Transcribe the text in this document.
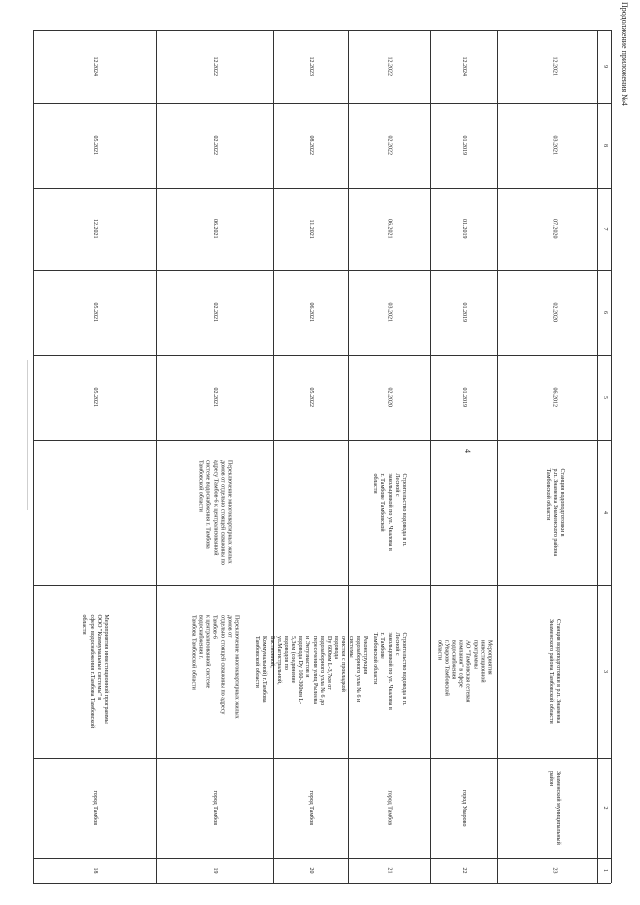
Продолжение приложения №4
4
9
8
7
6
5
4
3
2
1
12.2024
05.2021
12.2021
05.2021
05.2021
Мероприятия инвестиционной программы
ООО "Коммунальные системы" в
сфере водоснабжения г.Тамбова Тамбовской
области
город Тамбов
18
12.2022
02.2022
06.2021
02.2021
02.2021
Переключение многоквартирных жилых
домов от отдельно стоящей скважины по
адресу Тамбов-6 к централизованной
системе водоснабжения г. Тамбова
Тамбовской области
Переключение многоквартирных жилых домов от
отдельно стоящей скважины по адресу Тамбов-6
к централизованной системе водоснабжения г.
Тамбова Тамбовской области
город Тамбов
19
12.2023
08.2022
11.2021
06.2021
05.2022
Реконструкция водозаборного узла № 6 и системы
очистки с прокладкой водовода
Dy 600мм L-3,7км от водозаборного узла № 6 до
пересечения улиц Рылеева и Энтузиастов и
водовода Dy 160-300мм L-5,3км (соединение
водоводов по ул.Магистральной, Бастионной,
Коммунальной) г.Тамбова Тамбовской области
город Тамбов
20
12.2022
02.2022
06.2021
03.2021
02.2020
Строительство водовода в п. Лесной с
закольцовкой по ул. Чкалова в
г. Тамбове Тамбовской области
Строительство водовода в п. Лесной с
закольцовкой по ул. Чкалова в г. Тамбове
Тамбовской области
город Тамбов
21
12.2024
01.2019
01.2019
01.2019
01.2019
Мероприятия инвестиционной программы
АО "Тамбовская сетевая компания" в сфере
водоснабжения г.Уварово Тамбовской области
город Уварово
22
12.2021
03.2021
07.2020
02.2020
06.2012
Станция водоподготовки в
р.п. Знаменка Знаменского района
Тамбовской области
Станция водоподготовки в р.п. Знаменка
Знаменского района Тамбовской области
Знаменский муниципальный
район
23
